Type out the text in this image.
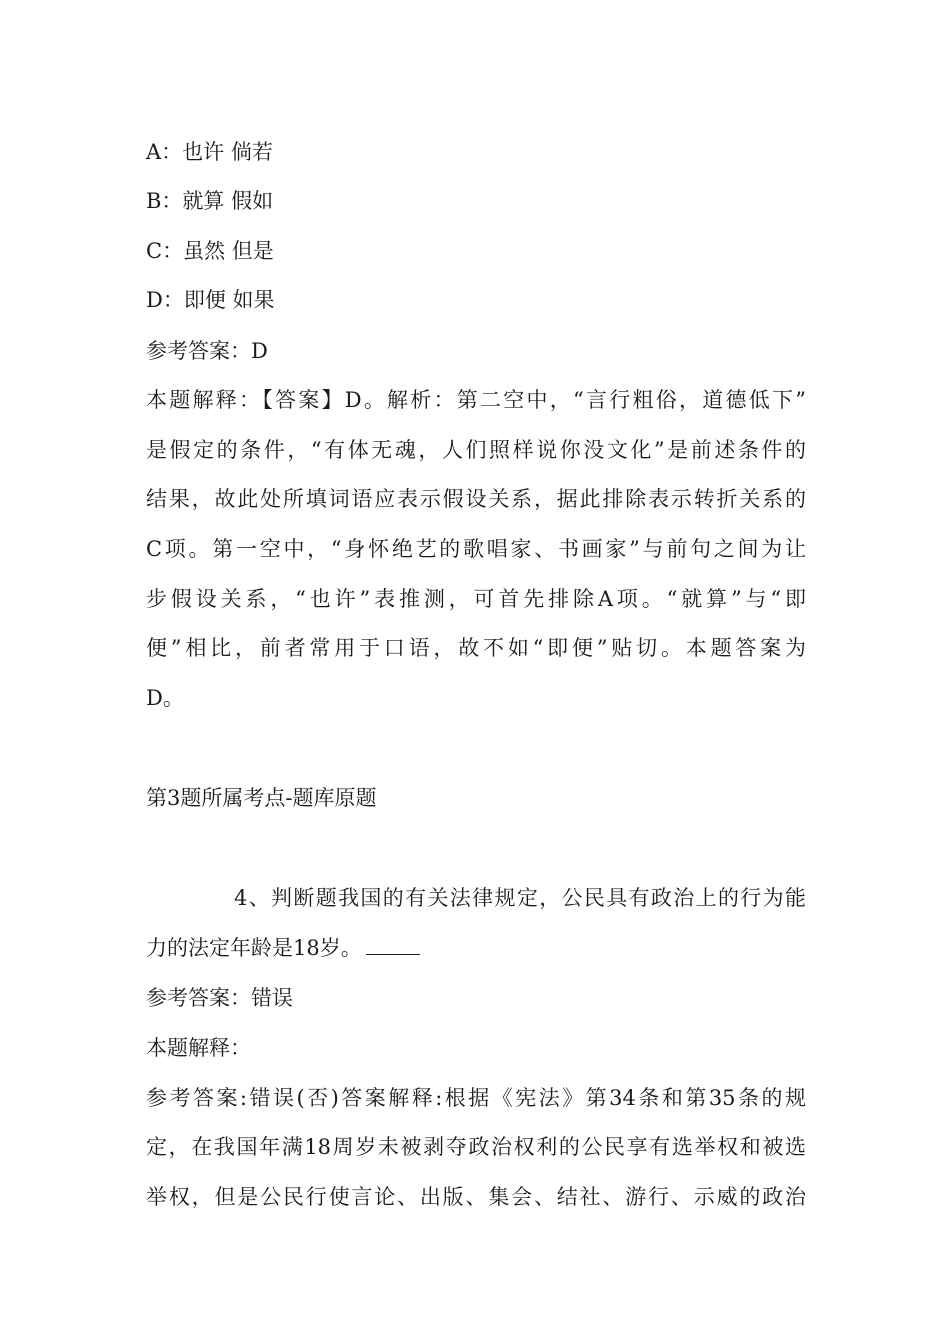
A：也许 倘若
B：就算 假如
C：虽然 但是
D：即便 如果
参考答案：D
本题解释：【答案】D。解析：第二空中，“言行粗俗，道德低下”
是假定的条件，“有体无魂，人们照样说你没文化”是前述条件的
结果，故此处所填词语应表示假设关系，据此排除表示转折关系的
C项。第一空中，“身怀绝艺的歌唱家、书画家”与前句之间为让
步假设关系，“也许”表推测，可首先排除A项。“就算”与“即
便”相比，前者常用于口语，故不如“即便”贴切。本题答案为
D。
第3题所属考点-题库原题
4、判断题我国的有关法律规定，公民具有政治上的行为能
力的法定年龄是18岁。
参考答案：错误
本题解释：
参考答案:错误(否)答案解释:根据《宪法》第34条和第35条的规
定，在我国年满18周岁未被剥夺政治权利的公民享有选举权和被选
举权，但是公民行使言论、出版、集会、结社、游行、示威的政治
